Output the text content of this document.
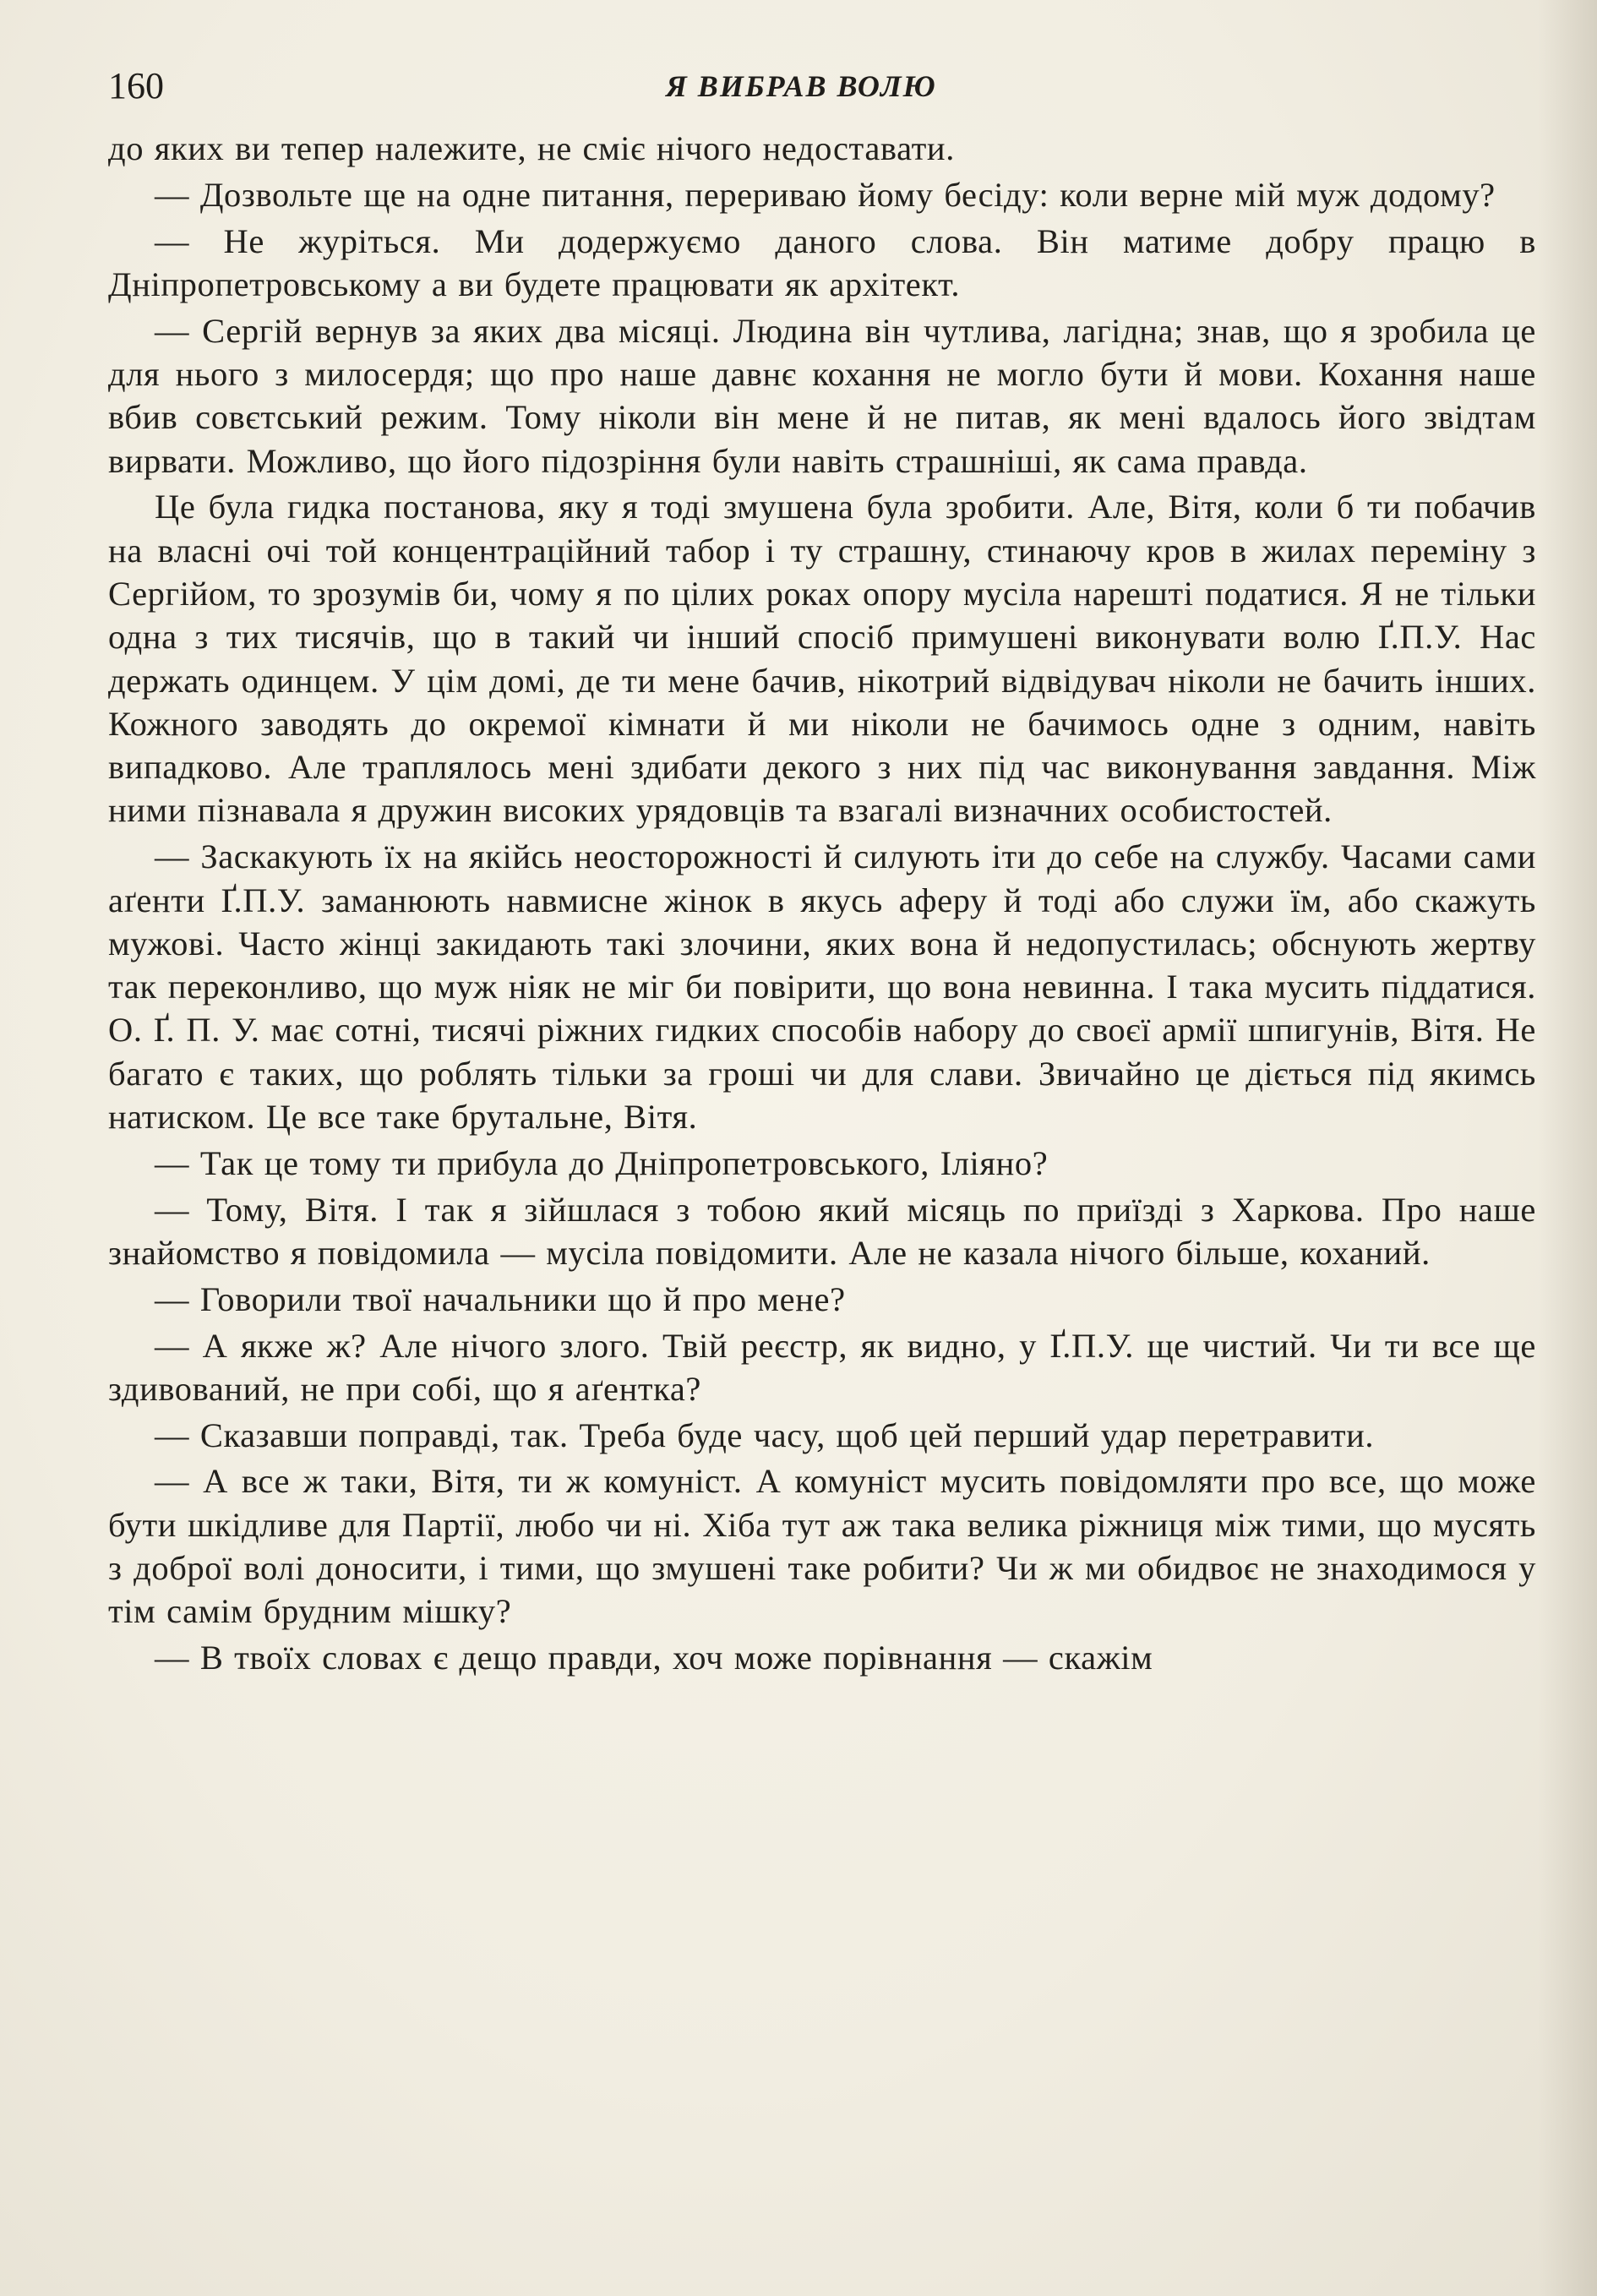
160	Я ВИБРАВ ВОЛЮ

до яких ви тепер належите, не сміє нічого недоставати.

— Дозвольте ще на одне питання, перериваю йому бесіду: коли верне мій муж додому?

— Не журіться. Ми додержуємо даного слова. Він матиме добру працю в Дніпропетровському а ви будете працювати як архітект.

— Сергій вернув за яких два місяці. Людина він чутлива, лагідна; знав, що я зробила це для нього з милосердя; що про наше давнє кохання не могло бути й мови. Кохання наше вбив совєтський режим. Тому ніколи він мене й не питав, як мені вдалось його звідтам вирвати. Можливо, що його підозріння були навіть страшніші, як сама правда.

Це була гидка постанова, яку я тоді змушена була зробити. Але, Вітя, коли б ти побачив на власні очі той концентраційний табор і ту страшну, стинаючу кров в жилах переміну з Сергійом, то зрозумів би, чому я по цілих роках опору мусіла нарешті податися. Я не тільки одна з тих тисячів, що в такий чи інший спосіб примушені виконувати волю Ґ.П.У. Нас держать одинцем. У цім домі, де ти мене бачив, нікотрий відвідувач ніколи не бачить інших. Кожного заводять до окремої кімнати й ми ніколи не бачимось одне з одним, навіть випадково. Але траплялось мені здибати декого з них під час виконування завдання. Між ними пізнавала я дружин високих урядовців та взагалі визначних особистостей.

— Заскакують їх на якійсь неосторожності й силують іти до себе на службу. Часами сами аґенти Ґ.П.У. заманюють навмисне жінок в якусь аферу й тоді або служи їм, або скажуть мужові. Часто жінці закидають такі злочини, яких вона й недопустилась; обснують жертву так переконливо, що муж ніяк не міг би повірити, що вона невинна. І така мусить піддатися. О. Ґ. П. У. має сотні, тисячі ріжних гидких способів набору до своєї армії шпигунів, Вітя. Не багато є таких, що роблять тільки за гроші чи для слави. Звичайно це діється під якимсь натиском. Це все таке брутальне, Вітя.

— Так це тому ти прибула до Дніпропетровського, Іліяно?

— Тому, Вітя. І так я зійшлася з тобою який місяць по приїзді з Харкова. Про наше знайомство я повідомила — мусіла повідомити. Але не казала нічого більше, коханий.

— Говорили твої начальники що й про мене?

— А якже ж? Але нічого злого. Твій реєстр, як видно, у Ґ.П.У. ще чистий. Чи ти все ще здивований, не при собі, що я аґентка?

— Сказавши поправді, так. Треба буде часу, щоб цей перший удар перетравити.

— А все ж таки, Вітя, ти ж комуніст. А комуніст мусить повідомляти про все, що може бути шкідливе для Партії, любо чи ні. Хіба тут аж така велика ріжниця між тими, що мусять з доброї волі доносити, і тими, що змушені таке робити? Чи ж ми обидвоє не знаходимося у тім самім брудним мішку?

— В твоїх словах є дещо правди, хоч може порівнання — скажім
